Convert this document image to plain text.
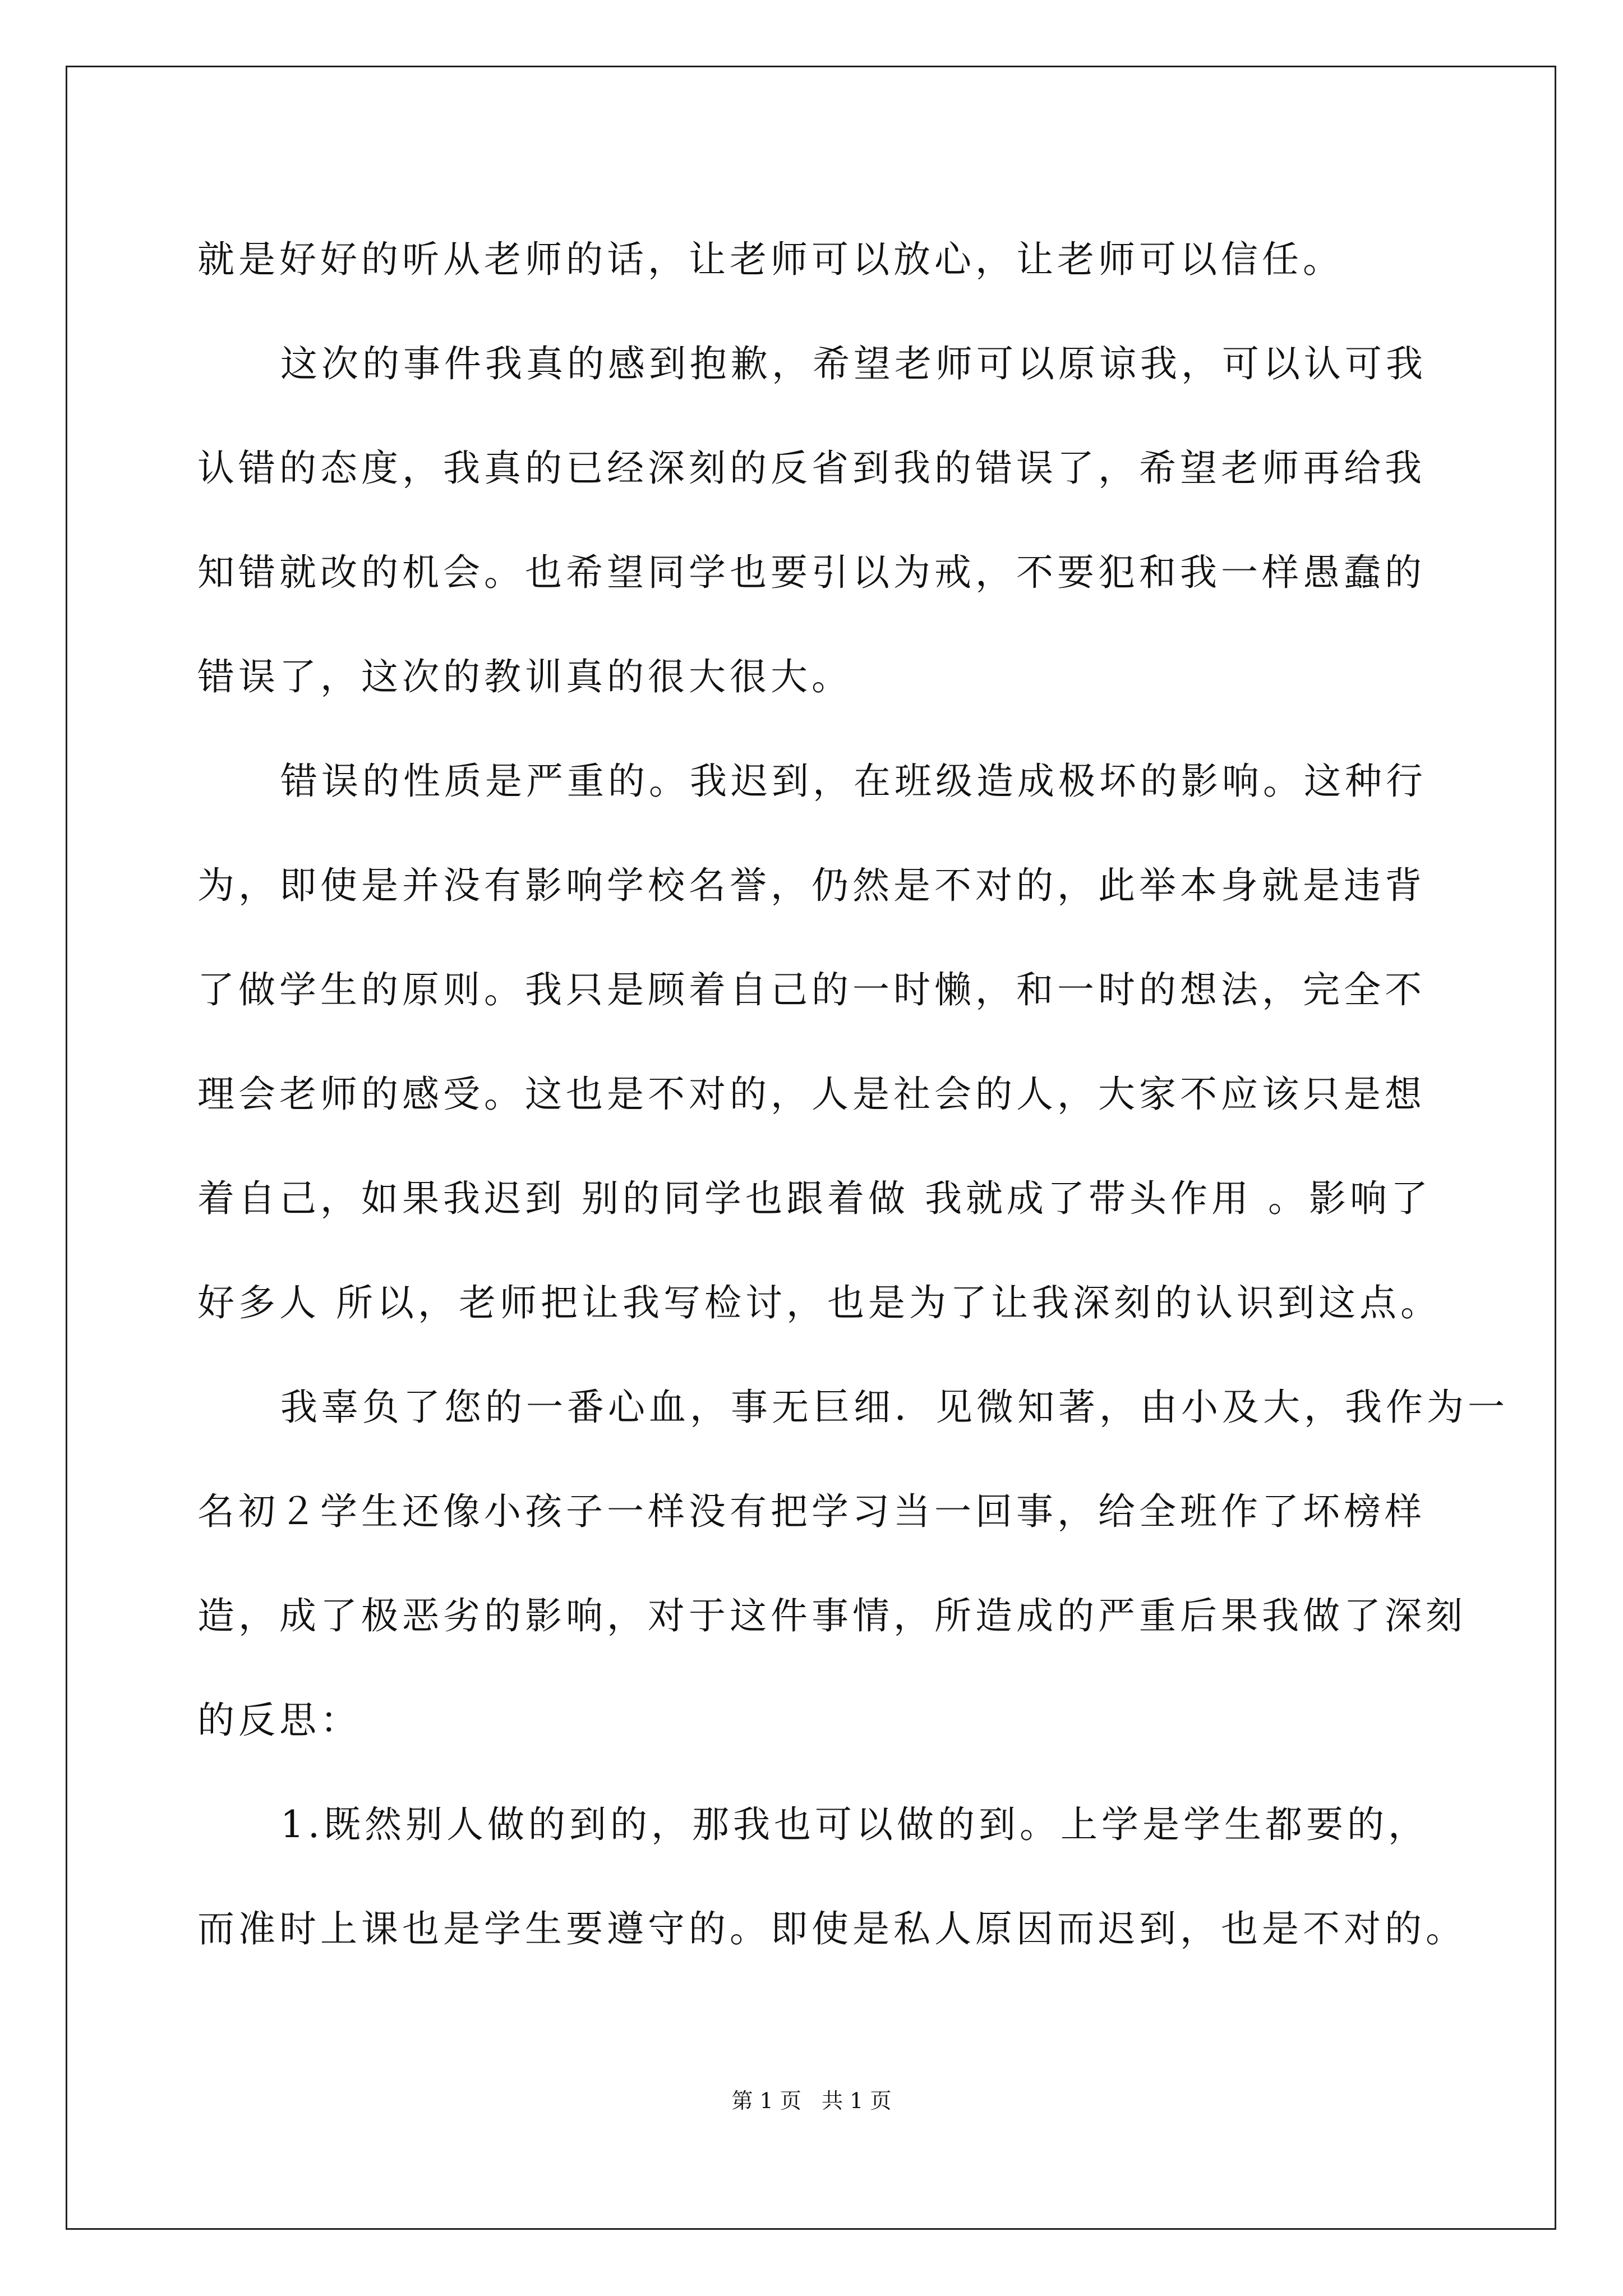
就是好好的听从老师的话，让老师可以放心，让老师可以信任。
这次的事件我真的感到抱歉，希望老师可以原谅我，可以认可我
认错的态度，我真的已经深刻的反省到我的错误了，希望老师再给我
知错就改的机会。也希望同学也要引以为戒，不要犯和我一样愚蠢的
错误了，这次的教训真的很大很大。
错误的性质是严重的。我迟到，在班级造成极坏的影响。这种行
为，即使是并没有影响学校名誉，仍然是不对的，此举本身就是违背
了做学生的原则。我只是顾着自己的一时懒，和一时的想法，完全不
理会老师的感受。这也是不对的，人是社会的人，大家不应该只是想
着自己，如果我迟到 别的同学也跟着做 我就成了带头作用 。影响了
好多人 所以，老师把让我写检讨，也是为了让我深刻的认识到这点。
我辜负了您的一番心血，事无巨细．见微知著，由小及大，我作为一
名初２学生还像小孩子一样没有把学习当一回事，给全班作了坏榜样
造，成了极恶劣的影响，对于这件事情，所造成的严重后果我做了深刻
的反思：
1.既然别人做的到的，那我也可以做的到。上学是学生都要的，
而准时上课也是学生要遵守的。即使是私人原因而迟到，也是不对的。
第 1 页   共 1 页
